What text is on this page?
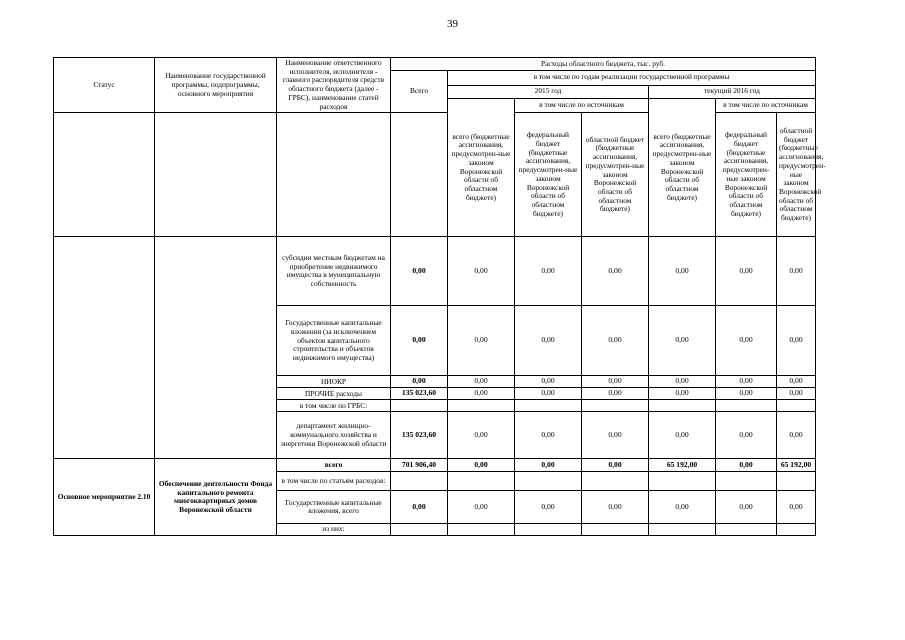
39
Статус	Наименование государственной программы, подпрограммы, основного мероприятия	Наименование ответственного исполнителя, исполнителя - главного распорядителя средств областного бюджета (далее - ГРБС), наименование статей расходов	Расходы областного бюджета, тыс. руб.						
			Всего	в том числе по годам реализации государственной программы					
				2015 год			текущий 2016 год		
				всего (бюджетные ассигнования, предусмотрен-ные законом Воронежской области об областном бюджете)	в том числе по источникам		всего (бюджетные ассигнования, предусмотрен-ные законом Воронежской области об областном бюджете)	в том числе по источникам	
					федеральный бюджет (бюджетные ассигнования, предусмотрен-ные законом Воронежской области об областном бюджете)	областной бюджет (бюджетные ассигнования, предусмотрен-ные законом Воронежской области об областном бюджете)		федеральный бюджет (бюджетные ассигнования, предусмотрен-ные законом Воронежской области об областном бюджете)	областной бюджет (бюджетные ассигнования, предусмотрен-ные законом Воронежской области об областном бюджете)
		субсидии местным бюджетам на приобретение недвижимого имущества в муниципальную собственность	0,00	0,00	0,00	0,00	0,00	0,00	0,00
		Государственные капитальные вложения (за исключением объектов капитального строительства и объектов недвижимого имущества)	0,00	0,00	0,00	0,00	0,00	0,00	0,00
		НИОКР	0,00	0,00	0,00	0,00	0,00	0,00	0,00
		ПРОЧИЕ расходы	135 023,60	0,00	0,00	0,00	0,00	0,00	0,00
		в том числе по ГРБС:							
		департамент жилищно-коммунального хозяйства и энергетики Воронежской области	135 023,60	0,00	0,00	0,00	0,00	0,00	0,00
Основное мероприятие 2.10	Обеспечение деятельности Фонда капитального ремонта многоквартирных домов Воронежской области	всего	701 906,40	0,00	0,00	0,00	65 192,00	0,00	65 192,00
		в том числе по статьям расходов:							
		Государственные капитальные вложения, всего	0,00	0,00	0,00	0,00	0,00	0,00	0,00
		из них:							
